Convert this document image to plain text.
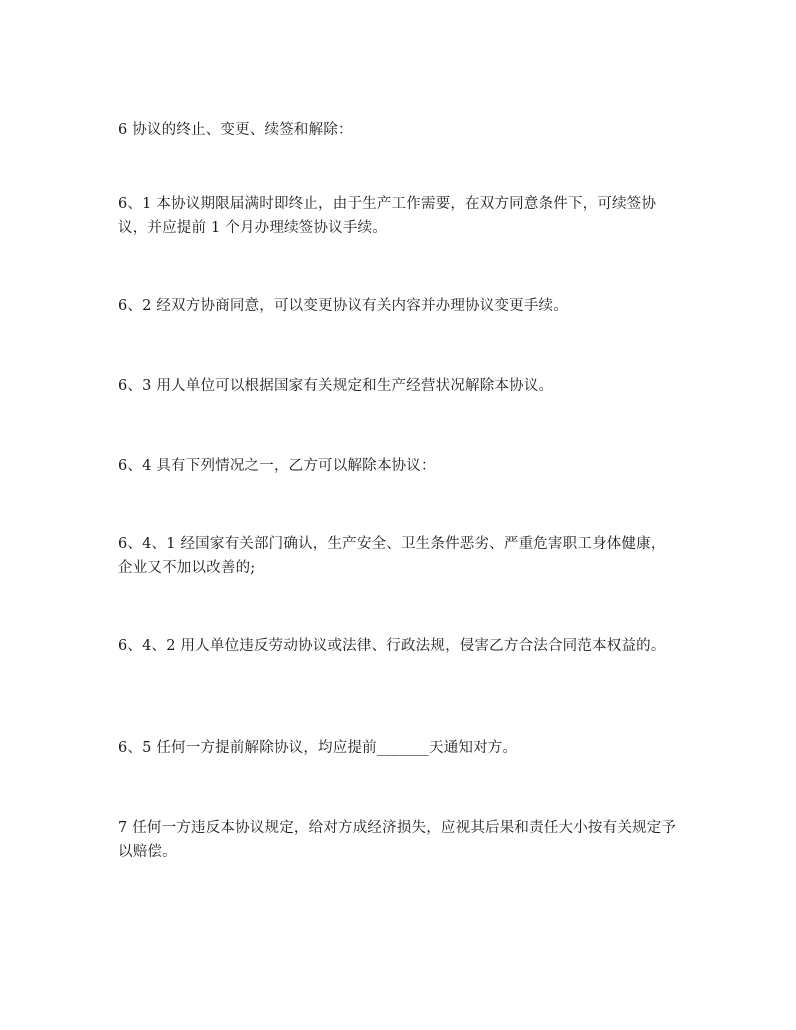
6 协议的终止、变更、续签和解除：

6、1 本协议期限届满时即终止，由于生产工作需要，在双方同意条件下，可续签协议，并应提前 1 个月办理续签协议手续。

6、2 经双方协商同意，可以变更协议有关内容并办理协议变更手续。

6、3 用人单位可以根据国家有关规定和生产经营状况解除本协议。

6、4 具有下列情况之一，乙方可以解除本协议：

6、4、1 经国家有关部门确认，生产安全、卫生条件恶劣、严重危害职工身体健康，企业又不加以改善的;

6、4、2 用人单位违反劳动协议或法律、行政法规，侵害乙方合法合同范本权益的。

6、5 任何一方提前解除协议，均应提前_______天通知对方。

7 任何一方违反本协议规定，给对方成经济损失，应视其后果和责任大小按有关规定予以赔偿。
